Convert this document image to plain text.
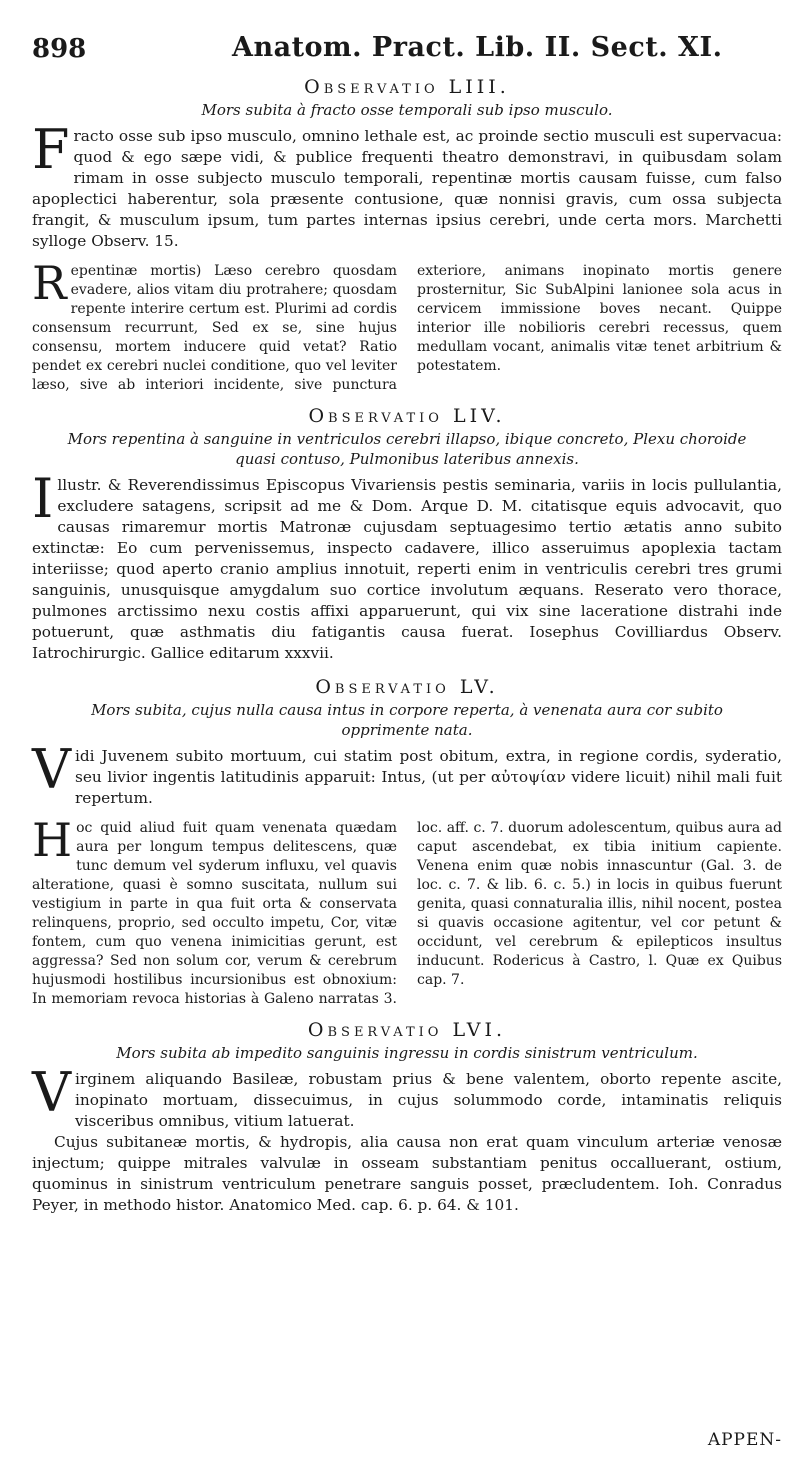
898	Anatom. Pract. Lib. II. Sect. XI.
Observatio LIII.
Mors subita à fracto osse temporali sub ipso musculo.

Fracto osse sub ipso musculo, omnino lethale est, ac proinde sectio musculi est supervacua: quod & ego sæpe vidi, & publice frequenti theatro demonstravi, in quibusdam solam rimam in osse subjecto musculo temporali, repentinæ mortis causam fuisse, cum falso apoplectici haberentur, sola præsente contusione, quæ nonnisi gravis, cum ossa subjecta frangit, & musculum ipsum, tum partes internas ipsius cerebri, unde certa mors. Marchetti sylloge Observ. 15.

Repentinæ mortis) Læso cerebro quosdam evadere, alios vitam diu protrahere; quosdam repente interire certum est. Plurimi ad cordis consensum recurrunt, Sed ex se, sine hujus consensu, mortem inducere quid vetat? Ratio pendet ex cerebri nuclei conditione, quo vel leviter læso, sive ab interiori incidente, sive punctura exteriore, animans inopinato mortis genere prosternitur, Sic SubAlpini lanionee sola acus in cervicem immissione boves necant. Quippe interior ille nobilioris cerebri recessus, quem medullam vocant, animalis vitæ tenet arbitrium & potestatem.
Observatio LIV.
Mors repentina à sanguine in ventriculos cerebri illapso, ibique concreto, Plexu choroide quasi contuso, Pulmonibus lateribus annexis.

Illustr. & Reverendissimus Episcopus Vivariensis pestis seminaria, variis in locis pullulantia, excludere satagens, scripsit ad me & Dom. Arque D. M. citatisque equis advocavit, quo causas rimaremur mortis Matronæ cujusdam septuagesimo tertio ætatis anno subito extinctæ: Eo cum pervenissemus, inspecto cadavere, illico asseruimus apoplexia tactam interiisse; quod aperto cranio amplius innotuit, reperti enim in ventriculis cerebri tres grumi sanguinis, unusquisque amygdalum suo cortice involutum æquans. Reserato vero thorace, pulmones arctissimo nexu costis affixi apparuerunt, qui vix sine laceratione distrahi inde potuerunt, quæ asthmatis diu fatigantis causa fuerat. Iosephus Covilliardus Observ. Iatrochirurgic. Gallice editarum xxxvii.

Observatio LV.
Mors subita, cujus nulla causa intus in corpore reperta, à venenata aura cor subito opprimente nata.

Vidi Juvenem subito mortuum, cui statim post obitum, extra, in regione cordis, syderatio, seu livior ingentis latitudinis apparuit: Intus, (ut per αὐτοψίαν videre licuit) nihil mali fuit repertum.

Hoc quid aliud fuit quam venenata quædam aura per longum tempus delitescens, quæ tunc demum vel syderum influxu, vel quavis alteratione, quasi è somno suscitata, nullum sui vestigium in parte in qua fuit orta & conservata relinquens, proprio, sed occulto impetu, Cor, vitæ fontem, cum quo venena inimicitias gerunt, est aggressa? Sed non solum cor, verum & cerebrum hujusmodi hostilibus incursionibus est obnoxium: In memoriam revoca historias à Galeno narratas 3. loc. aff. c. 7. duorum adolescentum, quibus aura ad caput ascendebat, ex tibia initium capiente. Venena enim quæ nobis innascuntur (Gal. 3. de loc. c. 7. & lib. 6. c. 5.) in locis in quibus fuerunt genita, quasi connaturalia illis, nihil nocent, postea si quavis occasione agitentur, vel cor petunt & occidunt, vel cerebrum & epilepticos insultus inducunt. Rodericus à Castro, l. Quæ ex Quibus cap. 7.
Observatio LVI.
Mors subita ab impedito sanguinis ingressu in cordis sinistrum ventriculum.

Virginem aliquando Basileæ, robustam prius & bene valentem, oborto repente ascite, inopinato mortuam, dissecuimus, in cujus solummodo corde, intaminatis reliquis visceribus omnibus, vitium latuerat.

Cujus subitaneæ mortis, & hydropis, alia causa non erat quam vinculum arteriæ venosæ injectum; quippe mitrales valvulæ in osseam substantiam penitus occalluerant, ostium, quominus in sinistrum ventriculum penetrare sanguis posset, præcludentem. Ioh. Conradus Peyer, in methodo histor. Anatomico Med. cap. 6. p. 64. & 101.

APPEN-
